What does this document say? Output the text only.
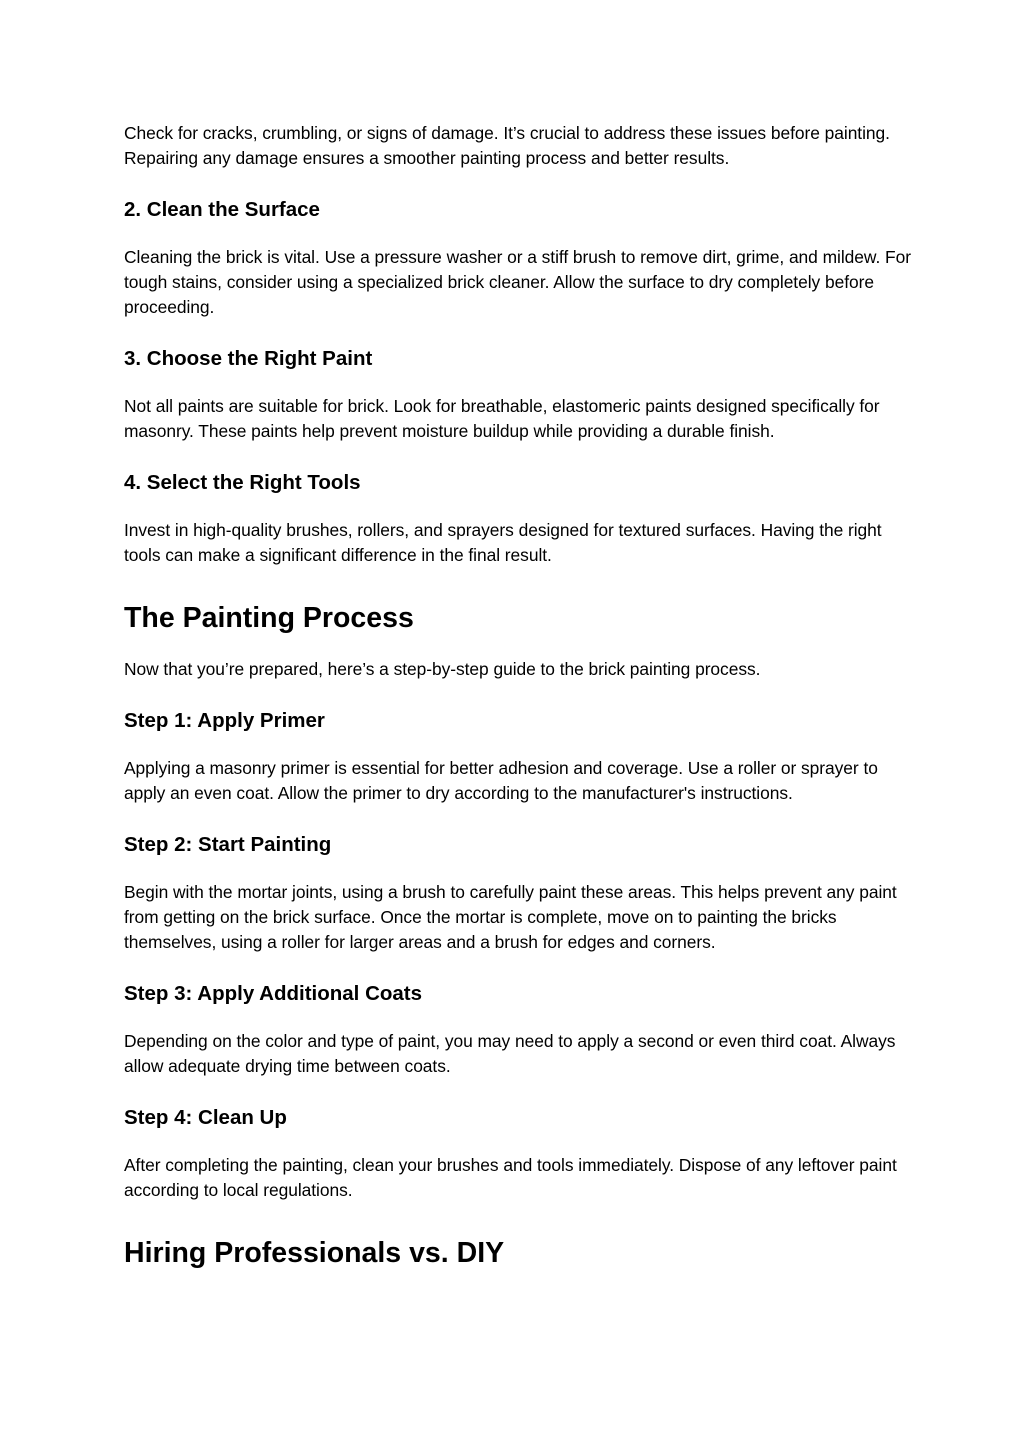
Check for cracks, crumbling, or signs of damage. It’s crucial to address these issues before painting. Repairing any damage ensures a smoother painting process and better results.

2. Clean the Surface

Cleaning the brick is vital. Use a pressure washer or a stiff brush to remove dirt, grime, and mildew. For tough stains, consider using a specialized brick cleaner. Allow the surface to dry completely before proceeding.

3. Choose the Right Paint

Not all paints are suitable for brick. Look for breathable, elastomeric paints designed specifically for masonry. These paints help prevent moisture buildup while providing a durable finish.

4. Select the Right Tools

Invest in high-quality brushes, rollers, and sprayers designed for textured surfaces. Having the right tools can make a significant difference in the final result.

The Painting Process

Now that you’re prepared, here’s a step-by-step guide to the brick painting process.

Step 1: Apply Primer

Applying a masonry primer is essential for better adhesion and coverage. Use a roller or sprayer to apply an even coat. Allow the primer to dry according to the manufacturer's instructions.

Step 2: Start Painting

Begin with the mortar joints, using a brush to carefully paint these areas. This helps prevent any paint from getting on the brick surface. Once the mortar is complete, move on to painting the bricks themselves, using a roller for larger areas and a brush for edges and corners.

Step 3: Apply Additional Coats

Depending on the color and type of paint, you may need to apply a second or even third coat. Always allow adequate drying time between coats.

Step 4: Clean Up

After completing the painting, clean your brushes and tools immediately. Dispose of any leftover paint according to local regulations.

Hiring Professionals vs. DIY
